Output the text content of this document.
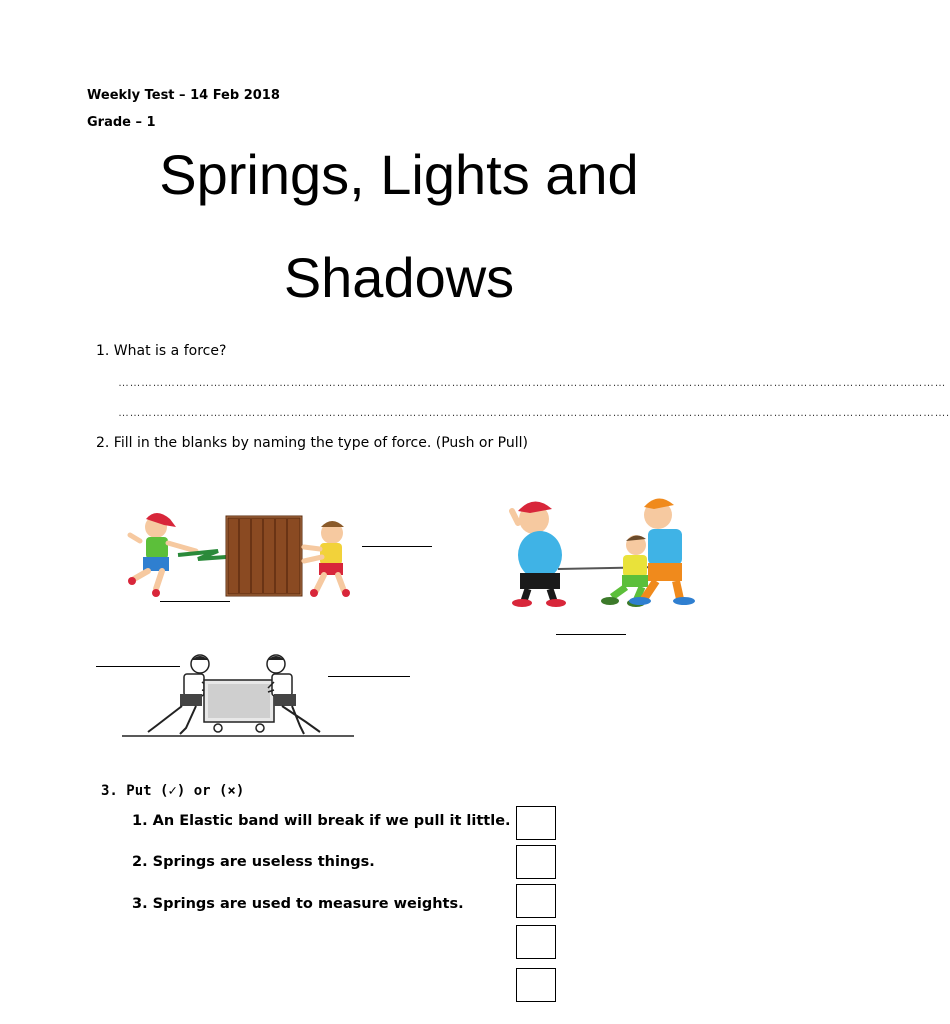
Weekly Test – 14 Feb 2018
Grade – 1
Springs, Lights and
Shadows
1. What is a force?
………………………………………………………………………………………………………………………………………………………………………………………………
……………………………………………………………………………………………………………………………………………………………………………………………….
2. Fill in the blanks by naming the type of force. (Push or Pull)
3. Put (✓) or (×)
1. An Elastic band will break if we pull it little.
2. Springs are useless things.
3. Springs are used to measure weights.
